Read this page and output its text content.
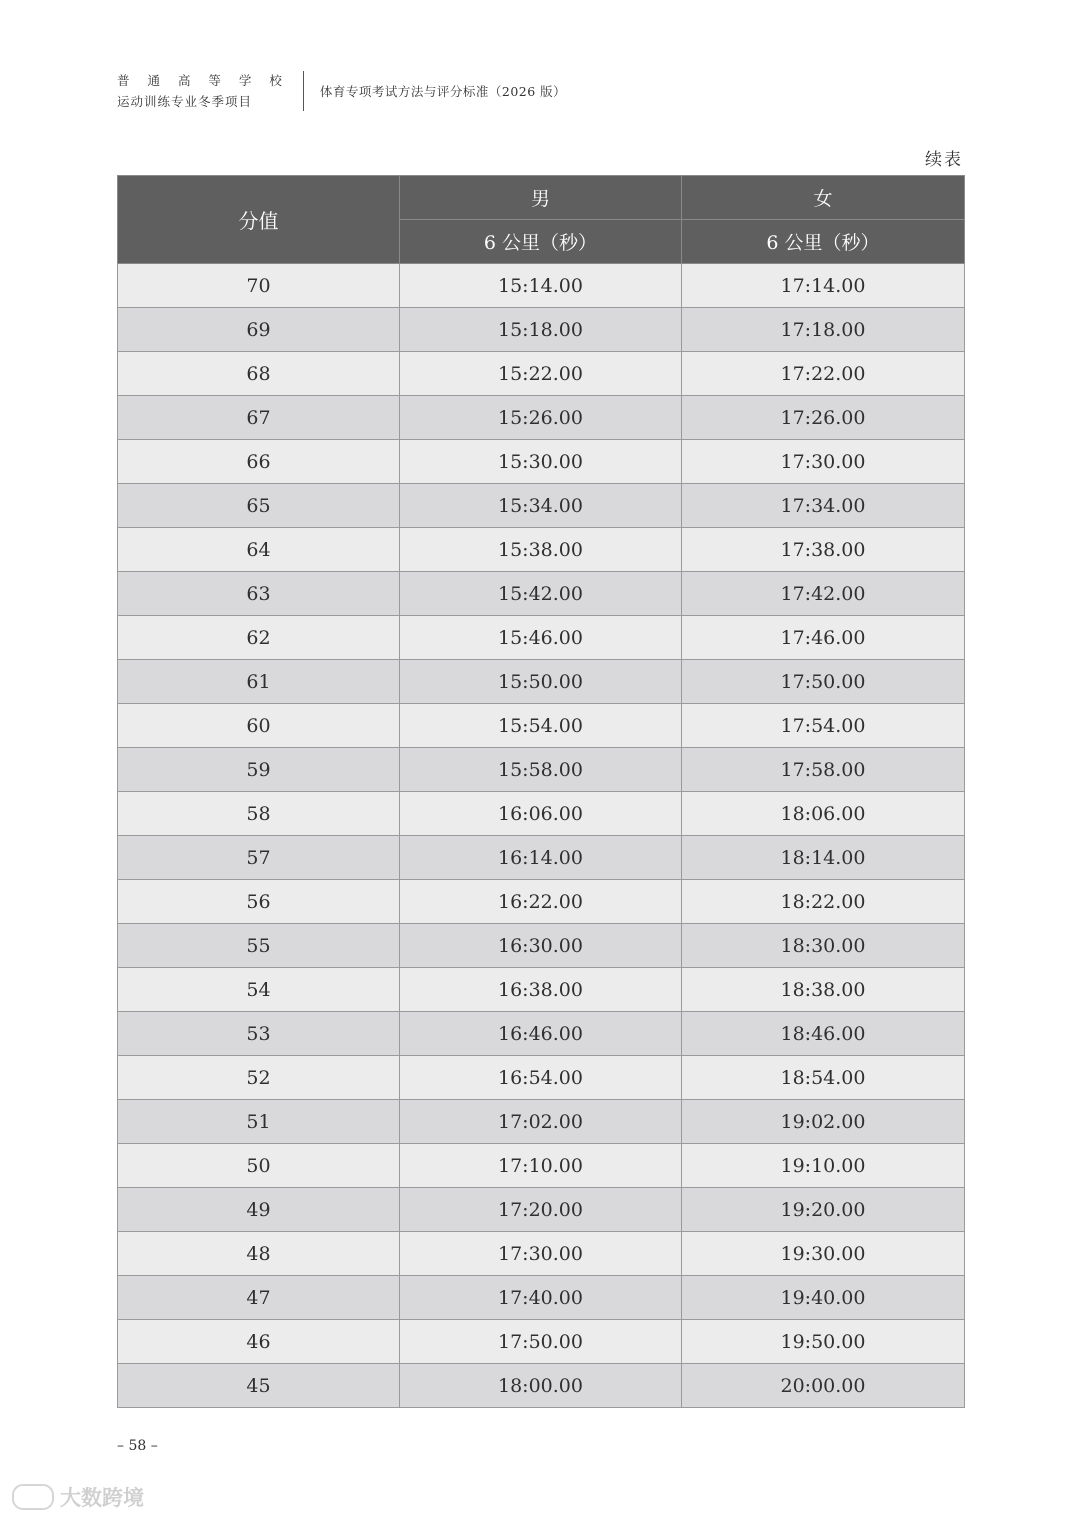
普 通 高 等 学 校
运动训练专业冬季项目
体育专项考试方法与评分标准（2026 版）
续表
分值	男	女
	6 公里（秒）	6 公里（秒）
70	15:14.00	17:14.00
69	15:18.00	17:18.00
68	15:22.00	17:22.00
67	15:26.00	17:26.00
66	15:30.00	17:30.00
65	15:34.00	17:34.00
64	15:38.00	17:38.00
63	15:42.00	17:42.00
62	15:46.00	17:46.00
61	15:50.00	17:50.00
60	15:54.00	17:54.00
59	15:58.00	17:58.00
58	16:06.00	18:06.00
57	16:14.00	18:14.00
56	16:22.00	18:22.00
55	16:30.00	18:30.00
54	16:38.00	18:38.00
53	16:46.00	18:46.00
52	16:54.00	18:54.00
51	17:02.00	19:02.00
50	17:10.00	19:10.00
49	17:20.00	19:20.00
48	17:30.00	19:30.00
47	17:40.00	19:40.00
46	17:50.00	19:50.00
45	18:00.00	20:00.00
– 58 –
大数跨境
